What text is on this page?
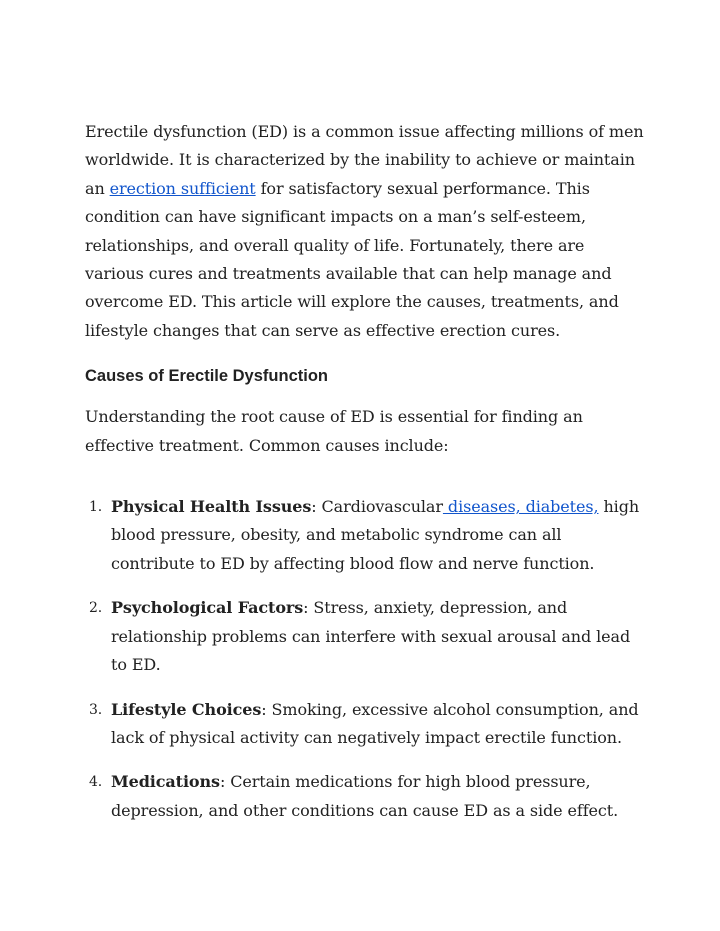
Erectile dysfunction (ED) is a common issue affecting millions of men worldwide. It is characterized by the inability to achieve or maintain an erection sufficient for satisfactory sexual performance. This condition can have significant impacts on a man’s self-esteem, relationships, and overall quality of life. Fortunately, there are various cures and treatments available that can help manage and overcome ED. This article will explore the causes, treatments, and lifestyle changes that can serve as effective erection cures.

Causes of Erectile Dysfunction

Understanding the root cause of ED is essential for finding an effective treatment. Common causes include:

1. Physical Health Issues: Cardiovascular diseases, diabetes, high blood pressure, obesity, and metabolic syndrome can all contribute to ED by affecting blood flow and nerve function.
2. Psychological Factors: Stress, anxiety, depression, and relationship problems can interfere with sexual arousal and lead to ED.
3. Lifestyle Choices: Smoking, excessive alcohol consumption, and lack of physical activity can negatively impact erectile function.
4. Medications: Certain medications for high blood pressure, depression, and other conditions can cause ED as a side effect.
